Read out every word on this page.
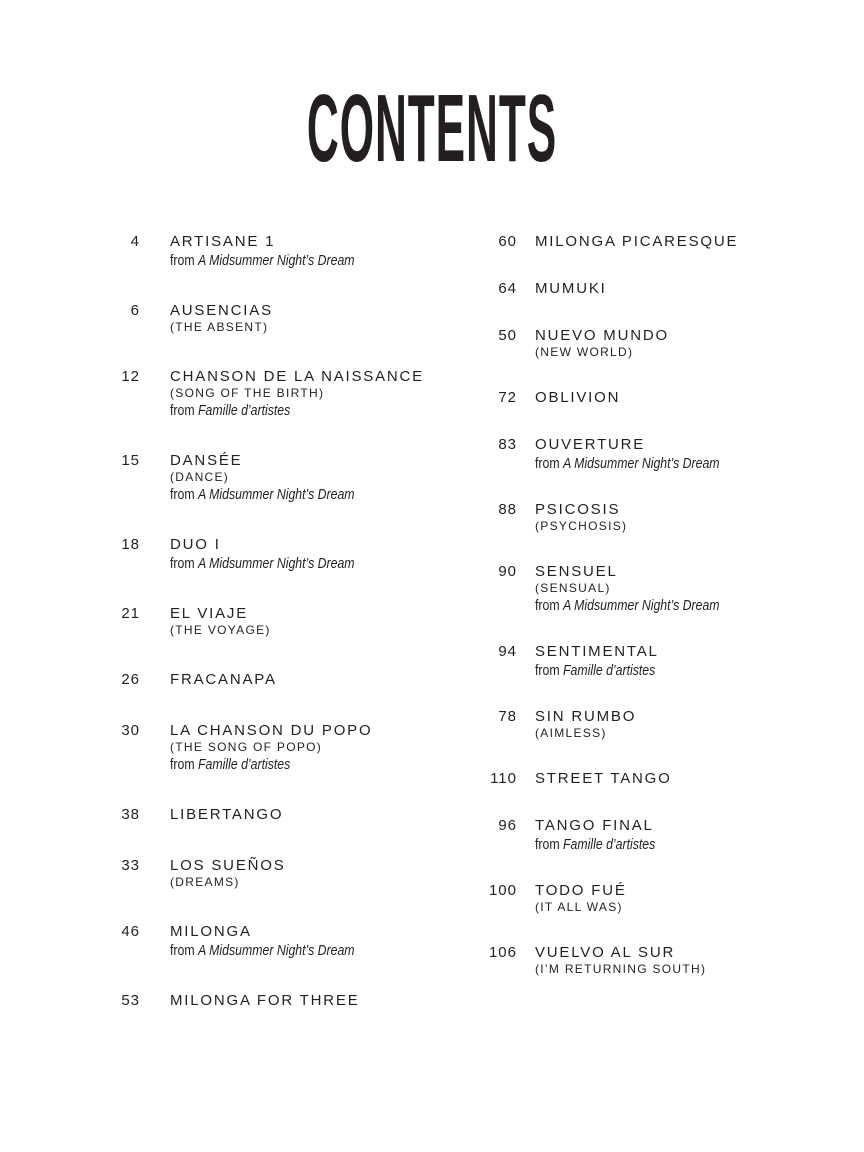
CONTENTS
4 ARTISANE 1
from A Midsummer Night’s Dream
6 AUSENCIAS
(THE ABSENT)
12 CHANSON DE LA NAISSANCE
(SONG OF THE BIRTH)
from Famille d’artistes
15 DANSÉE
(DANCE)
from A Midsummer Night’s Dream
18 DUO I
from A Midsummer Night’s Dream
21 EL VIAJE
(THE VOYAGE)
26 FRACANAPA
30 LA CHANSON DU POPO
(THE SONG OF POPO)
from Famille d’artistes
38 LIBERTANGO
33 LOS SUEÑOS
(DREAMS)
46 MILONGA
from A Midsummer Night’s Dream
53 MILONGA FOR THREE
60 MILONGA PICARESQUE
64 MUMUKI
50 NUEVO MUNDO
(NEW WORLD)
72 OBLIVION
83 OUVERTURE
from A Midsummer Night’s Dream
88 PSICOSIS
(PSYCHOSIS)
90 SENSUEL
(SENSUAL)
from A Midsummer Night’s Dream
94 SENTIMENTAL
from Famille d’artistes
78 SIN RUMBO
(AIMLESS)
110 STREET TANGO
96 TANGO FINAL
from Famille d’artistes
100 TODO FUÉ
(IT ALL WAS)
106 VUELVO AL SUR
(I’M RETURNING SOUTH)
